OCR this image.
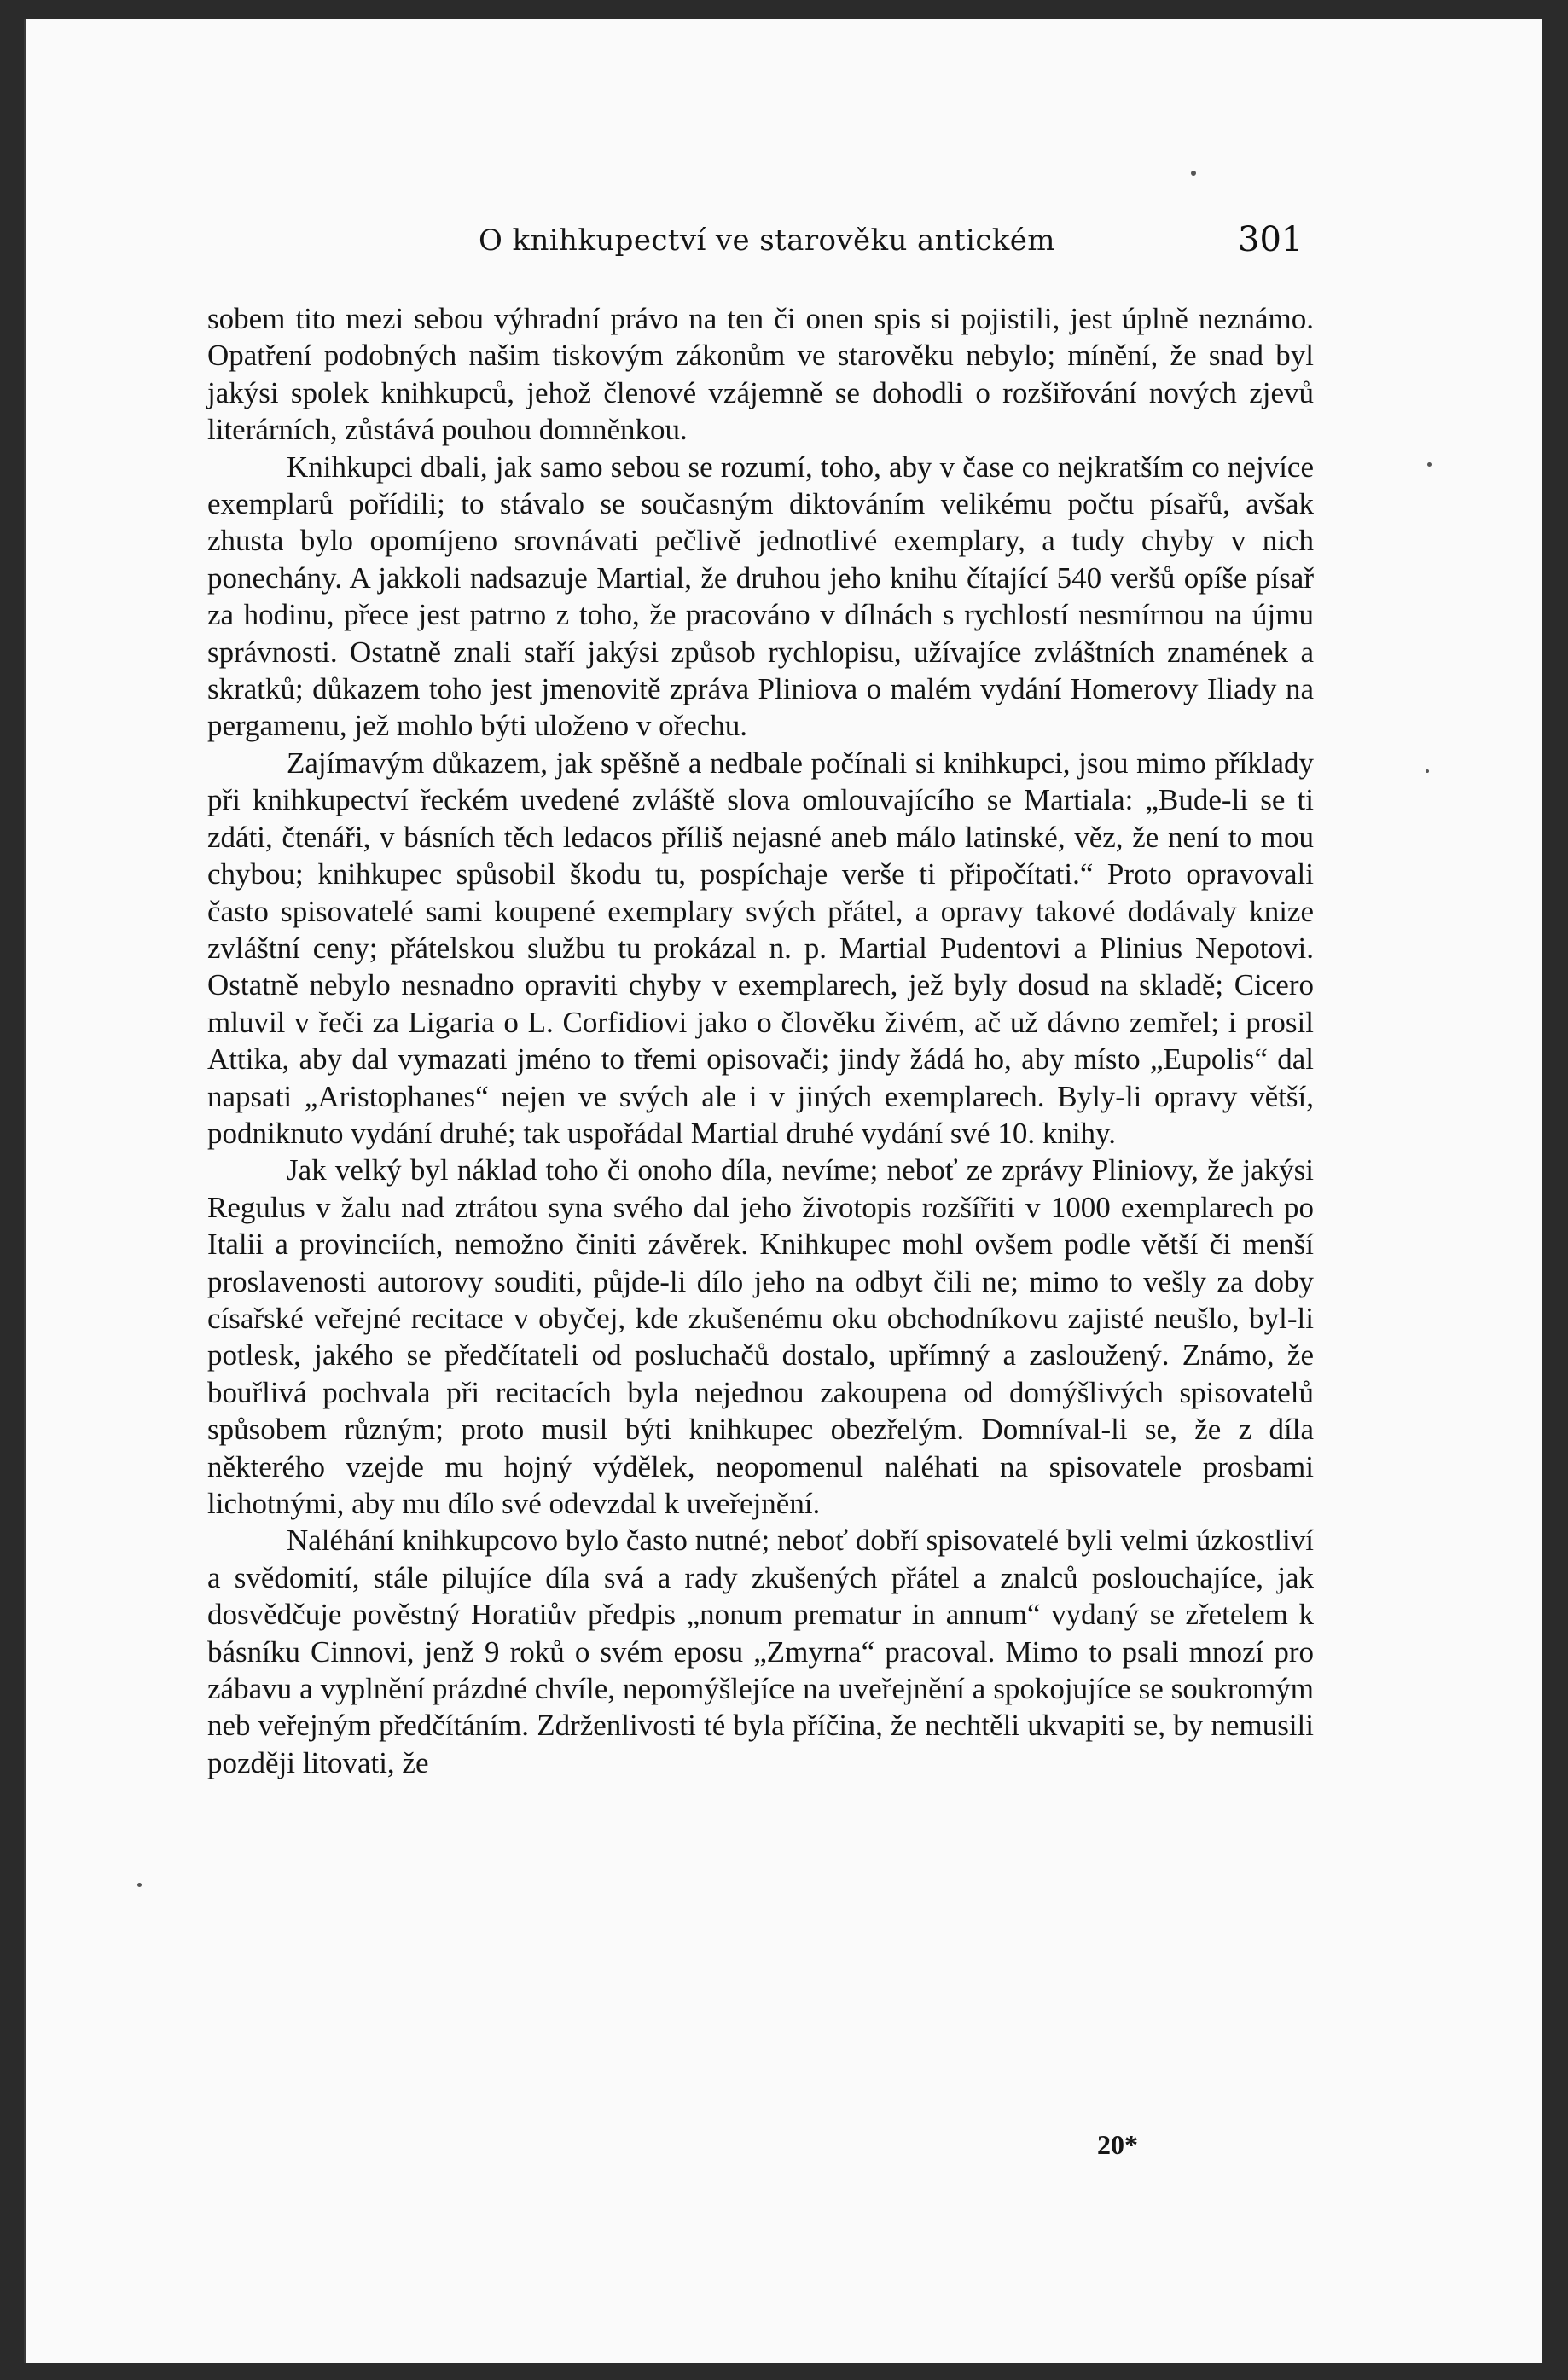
O knihkupectví ve starověku antickém	301

sobem tito mezi sebou výhradní právo na ten či onen spis si pojistili, jest úplně neznámo. Opatření podobných našim tiskovým zákonům ve starověku nebylo; mínění, že snad byl jakýsi spolek knihkupců, jehož členové vzájemně se dohodli o rozšiřování nových zjevů literárních, zůstává pouhou domněnkou.

Knihkupci dbali, jak samo sebou se rozumí, toho, aby v čase co nejkratším co nejvíce exemplarů pořídili; to stávalo se současným diktováním velikému počtu písařů, avšak zhusta bylo opomíjeno srovnávati pečlivě jednotlivé exemplary, a tudy chyby v nich ponechány. A jakkoli nadsazuje Martial, že druhou jeho knihu čítající 540 veršů opíše písař za hodinu, přece jest patrno z toho, že pracováno v dílnách s rychlostí nesmírnou na újmu správnosti. Ostatně znali staří jakýsi způsob rychlopisu, užívajíce zvláštních znamének a skratků; důkazem toho jest jmenovitě zpráva Pliniova o malém vydání Homerovy Iliady na pergamenu, jež mohlo býti uloženo v ořechu.

Zajímavým důkazem, jak spěšně a nedbale počínali si knihkupci, jsou mimo příklady při knihkupectví řeckém uvedené zvláště slova omlouvajícího se Martiala: „Bude-li se ti zdáti, čtenáři, v básních těch ledacos příliš nejasné aneb málo latinské, věz, že není to mou chybou; knihkupec spůsobil škodu tu, pospíchaje verše ti připočítati.“ Proto opravovali často spisovatelé sami koupené exemplary svých přátel, a opravy takové dodávaly knize zvláštní ceny; přátelskou službu tu prokázal n. p. Martial Pudentovi a Plinius Nepotovi. Ostatně nebylo nesnadno opraviti chyby v exemplarech, jež byly dosud na skladě; Cicero mluvil v řeči za Ligaria o L. Corfidiovi jako o člověku živém, ač už dávno zemřel; i prosil Attika, aby dal vymazati jméno to třemi opisovači; jindy žádá ho, aby místo „Eupolis“ dal napsati „Aristophanes“ nejen ve svých ale i v jiných exemplarech. Byly-li opravy větší, podniknuto vydání druhé; tak uspořádal Martial druhé vydání své 10. knihy.

Jak velký byl náklad toho či onoho díla, nevíme; neboť ze zprávy Pliniovy, že jakýsi Regulus v žalu nad ztrátou syna svého dal jeho životopis rozšířiti v 1000 exemplarech po Italii a provinciích, nemožno činiti závěrek. Knihkupec mohl ovšem podle větší či menší proslavenosti autorovy souditi, půjde-li dílo jeho na odbyt čili ne; mimo to vešly za doby císařské veřejné recitace v obyčej, kde zkušenému oku obchodníkovu zajisté neušlo, byl-li potlesk, jakého se předčítateli od posluchačů dostalo, upřímný a zasloužený. Známo, že bouřlivá pochvala při recitacích byla nejednou zakoupena od domýšlivých spisovatelů spůsobem různým; proto musil býti knihkupec obezřelým. Domníval-li se, že z díla některého vzejde mu hojný výdělek, neopomenul naléhati na spisovatele prosbami lichotnými, aby mu dílo své odevzdal k uveřejnění.

Naléhání knihkupcovo bylo často nutné; neboť dobří spisovatelé byli velmi úzkostliví a svědomití, stále pilujíce díla svá a rady zkušených přátel a znalců poslouchajíce, jak dosvědčuje pověstný Horatiův předpis „nonum prematur in annum“ vydaný se zřetelem k básníku Cinnovi, jenž 9 roků o svém eposu „Zmyrna“ pracoval. Mimo to psali mnozí pro zábavu a vyplnění prázdné chvíle, nepomýšlejíce na uveřejnění a spokojujíce se soukromým neb veřejným předčítáním. Zdrženlivosti té byla příčina, že nechtěli ukvapiti se, by nemusili později litovati, že

20*
